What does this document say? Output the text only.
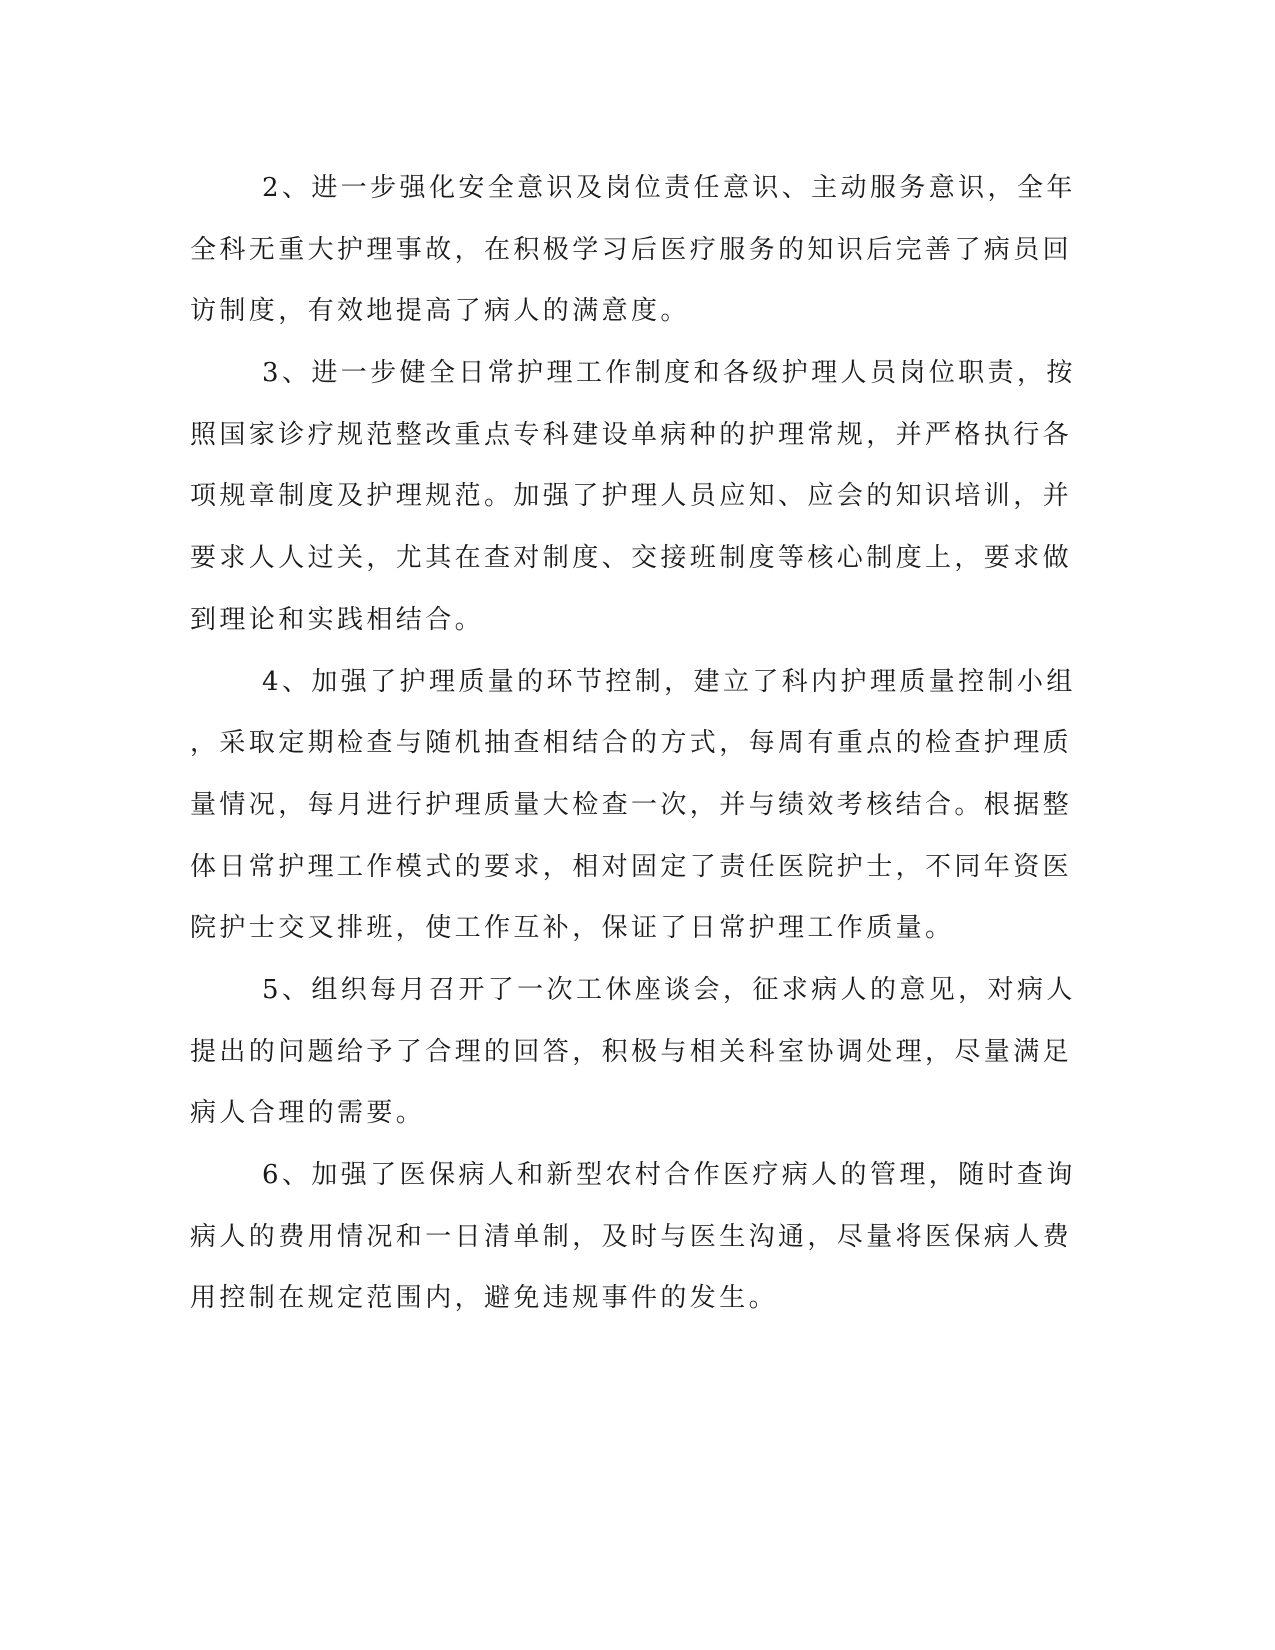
2、进一步强化安全意识及岗位责任意识、主动服务意识，全年
全科无重大护理事故，在积极学习后医疗服务的知识后完善了病员回
访制度，有效地提高了病人的满意度。
3、进一步健全日常护理工作制度和各级护理人员岗位职责，按
照国家诊疗规范整改重点专科建设单病种的护理常规，并严格执行各
项规章制度及护理规范。加强了护理人员应知、应会的知识培训，并
要求人人过关，尤其在查对制度、交接班制度等核心制度上，要求做
到理论和实践相结合。
4、加强了护理质量的环节控制，建立了科内护理质量控制小组
，采取定期检查与随机抽查相结合的方式，每周有重点的检查护理质
量情况，每月进行护理质量大检查一次，并与绩效考核结合。根据整
体日常护理工作模式的要求，相对固定了责任医院护士，不同年资医
院护士交叉排班，使工作互补，保证了日常护理工作质量。
5、组织每月召开了一次工休座谈会，征求病人的意见，对病人
提出的问题给予了合理的回答，积极与相关科室协调处理，尽量满足
病人合理的需要。
6、加强了医保病人和新型农村合作医疗病人的管理，随时查询
病人的费用情况和一日清单制，及时与医生沟通，尽量将医保病人费
用控制在规定范围内，避免违规事件的发生。
